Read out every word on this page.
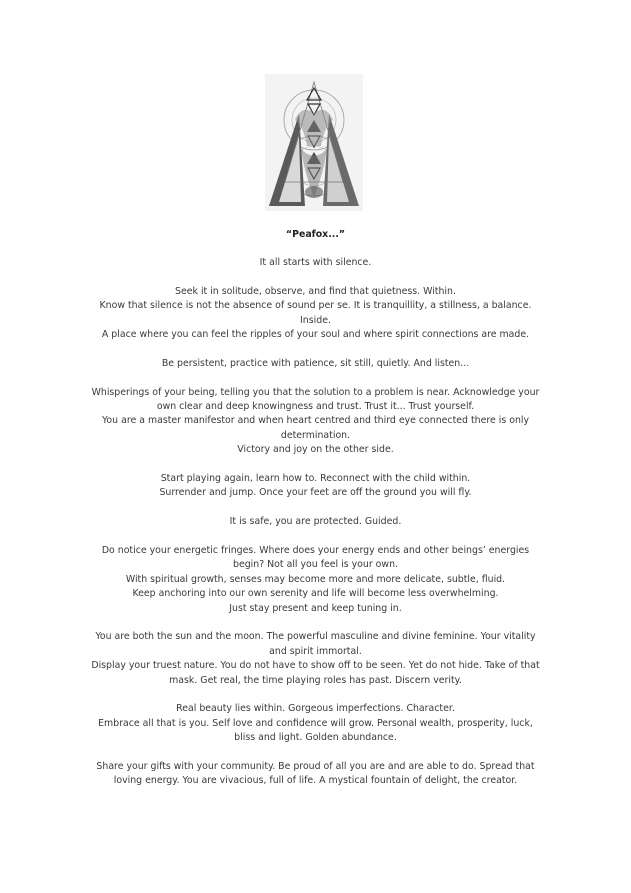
“Peafox...”

It all starts with silence.

Seek it in solitude, observe, and find that quietness. Within.
Know that silence is not the absence of sound per se. It is tranquillity, a stillness, a balance.
Inside.
A place where you can feel the ripples of your soul and where spirit connections are made.

Be persistent, practice with patience, sit still, quietly. And listen...

Whisperings of your being, telling you that the solution to a problem is near. Acknowledge your
own clear and deep knowingness and trust. Trust it... Trust yourself.
You are a master manifestor and when heart centred and third eye connected there is only
determination.
Victory and joy on the other side.

Start playing again, learn how to. Reconnect with the child within.
Surrender and jump. Once your feet are off the ground you will fly.

It is safe, you are protected. Guided.

Do notice your energetic fringes. Where does your energy ends and other beings’ energies
begin? Not all you feel is your own.
With spiritual growth, senses may become more and more delicate, subtle, fluid.
Keep anchoring into our own serenity and life will become less overwhelming.
Just stay present and keep tuning in.

You are both the sun and the moon. The powerful masculine and divine feminine. Your vitality
and spirit immortal.
Display your truest nature. You do not have to show off to be seen. Yet do not hide. Take of that
mask. Get real, the time playing roles has past. Discern verity.

Real beauty lies within. Gorgeous imperfections. Character.
Embrace all that is you. Self love and confidence will grow. Personal wealth, prosperity, luck,
bliss and light. Golden abundance.

Share your gifts with your community. Be proud of all you are and are able to do. Spread that
loving energy. You are vivacious, full of life. A mystical fountain of delight, the creator.
